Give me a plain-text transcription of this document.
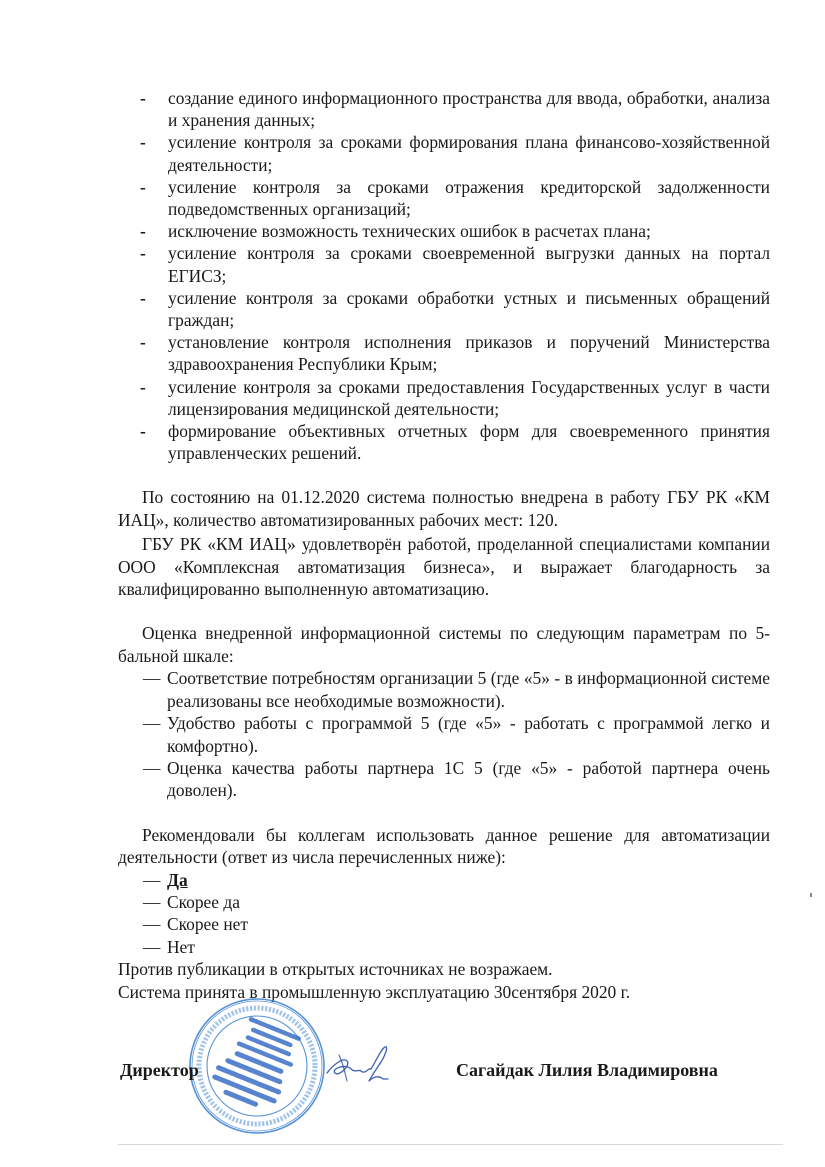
- создание единого информационного пространства для ввода, обработки, анализа и хранения данных;
- усиление контроля за сроками формирования плана финансово-хозяйственной деятельности;
- усиление контроля за сроками отражения кредиторской задолженности подведомственных организаций;
- исключение возможность технических ошибок в расчетах плана;
- усиление контроля за сроками своевременной выгрузки данных на портал ЕГИСЗ;
- усиление контроля за сроками обработки устных и письменных обращений граждан;
- установление контроля исполнения приказов и поручений Министерства здравоохранения Республики Крым;
- усиление контроля за сроками предоставления Государственных услуг в части лицензирования медицинской деятельности;
- формирование объективных отчетных форм для своевременного принятия управленческих решений.

По состоянию на 01.12.2020 система полностью внедрена в работу ГБУ РК «КМ ИАЦ», количество автоматизированных рабочих мест: 120.

ГБУ РК «КМ ИАЦ» удовлетворён работой, проделанной специалистами компании ООО «Комплексная автоматизация бизнеса», и выражает благодарность за квалифицированно выполненную автоматизацию.

Оценка внедренной информационной системы по следующим параметрам по 5-бальной шкале:

— Соответствие потребностям организации 5 (где «5» - в информационной системе реализованы все необходимые возможности).
— Удобство работы с программой 5 (где «5» - работать с программой легко и комфортно).
— Оценка качества работы партнера 1С 5 (где «5» - работой партнера очень доволен).

Рекомендовали бы коллегам использовать данное решение для автоматизации деятельности (ответ из числа перечисленных ниже):

— Да
— Скорее да
— Скорее нет
— Нет
Против публикации в открытых источниках не возражаем.
Система принята в промышленную эксплуатацию 30сентября 2020 г.
Директор	Сагайдак Лилия Владимировна
